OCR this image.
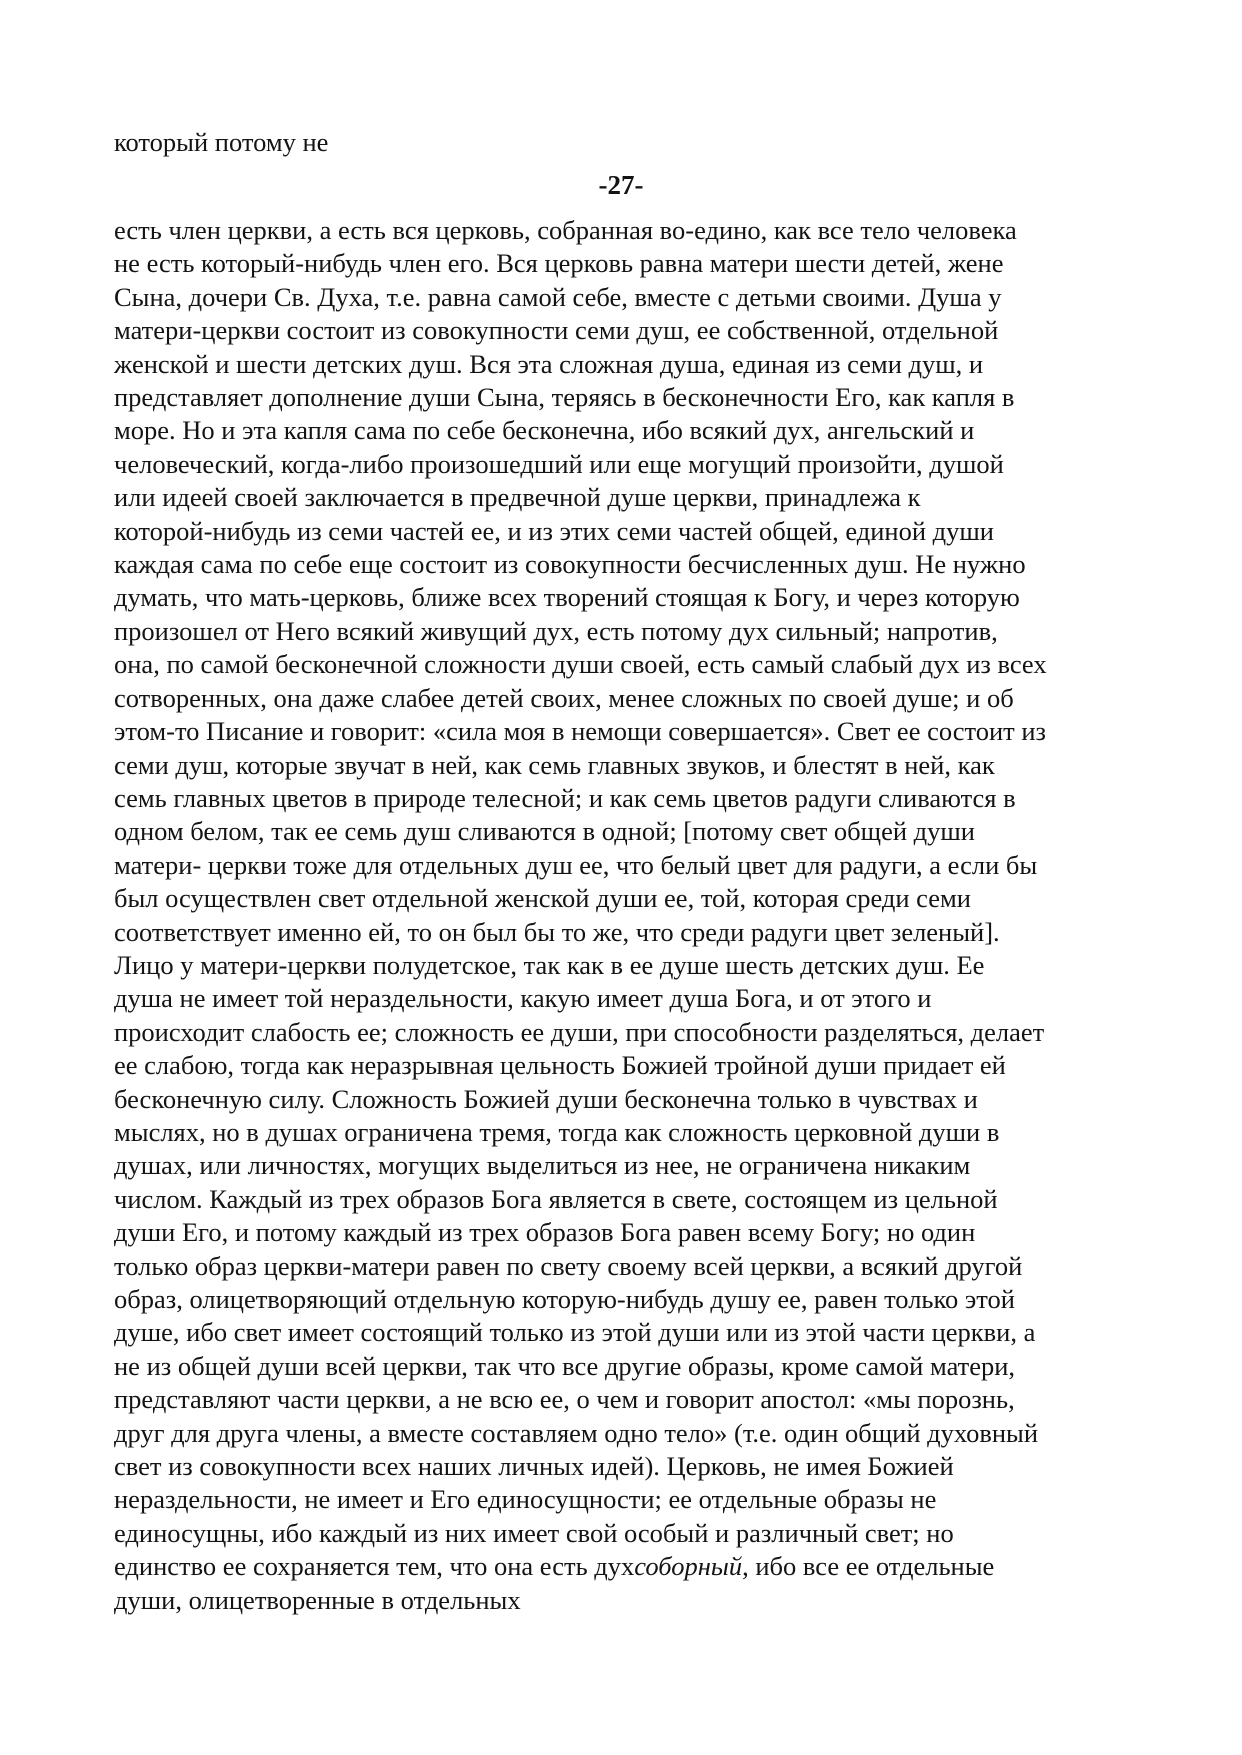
который потому не
-27-
есть член церкви, а есть вся церковь, собранная во-едино, как все тело человека
не есть который-нибудь член его. Вся церковь равна матери шести детей, жене
Сына, дочери Св. Духа, т.е. равна самой себе, вместе с детьми своими. Душа у
матери-церкви состоит из совокупности семи душ, ее собственной, отдельной
женской и шести детских душ. Вся эта сложная душа, единая из семи душ, и
представляет дополнение души Сына, теряясь в бесконечности Его, как капля в
море. Но и эта капля сама по себе бесконечна, ибо всякий дух, ангельский и
человеческий, когда-либо произошедший или еще могущий произойти, душой
или идеей своей заключается в предвечной душе церкви, принадлежа к
которой-нибудь из семи частей ее, и из этих семи частей общей, единой души
каждая сама по себе еще состоит из совокупности бесчисленных душ. Не нужно
думать, что мать-церковь, ближе всех творений стоящая к Богу, и через которую
произошел от Него всякий живущий дух, есть потому дух сильный; напротив,
она, по самой бесконечной сложности души своей, есть самый слабый дух из всех
сотворенных, она даже слабее детей своих, менее сложных по своей душе; и об
этом-то Писание и говорит: «сила моя в немощи совершается». Свет ее состоит из
семи душ, которые звучат в ней, как семь главных звуков, и блестят в ней, как
семь главных цветов в природе телесной; и как семь цветов радуги сливаются в
одном белом, так ее семь душ сливаются в одной; [потому свет общей души
матери- церкви тоже для отдельных душ ее, что белый цвет для радуги, а если бы
был осуществлен свет отдельной женской души ее, той, которая среди семи
соответствует именно ей, то он был бы то же, что среди радуги цвет зеленый].
Лицо у матери-церкви полудетское, так как в ее душе шесть детских душ. Ее
душа не имеет той нераздельности, какую имеет душа Бога, и от этого и
происходит слабость ее; сложность ее души, при способности разделяться, делает
ее слабою, тогда как неразрывная цельность Божией тройной души придает ей
бесконечную силу. Сложность Божией души бесконечна только в чувствах и
мыслях, но в душах ограничена тремя, тогда как сложность церковной души в
душах, или личностях, могущих выделиться из нее, не ограничена никаким
числом. Каждый из трех образов Бога является в свете, состоящем из цельной
души Его, и потому каждый из трех образов Бога равен всему Богу; но один
только образ церкви-матери равен по свету своему всей церкви, а всякий другой
образ, олицетворяющий отдельную которую-нибудь душу ее, равен только этой
душе, ибо свет имеет состоящий только из этой души или из этой части церкви, а
не из общей души всей церкви, так что все другие образы, кроме самой матери,
представляют части церкви, а не всю ее, о чем и говорит апостол: «мы порознь,
друг для друга члены, а вместе составляем одно тело» (т.е. один общий духовный
свет из совокупности всех наших личных идей). Церковь, не имея Божией
нераздельности, не имеет и Его единосущности; ее отдельные образы не
единосущны, ибо каждый из них имеет свой особый и различный свет; но
единство ее сохраняется тем, что она есть духсоборный, ибо все ее отдельные
души, олицетворенные в отдельных
